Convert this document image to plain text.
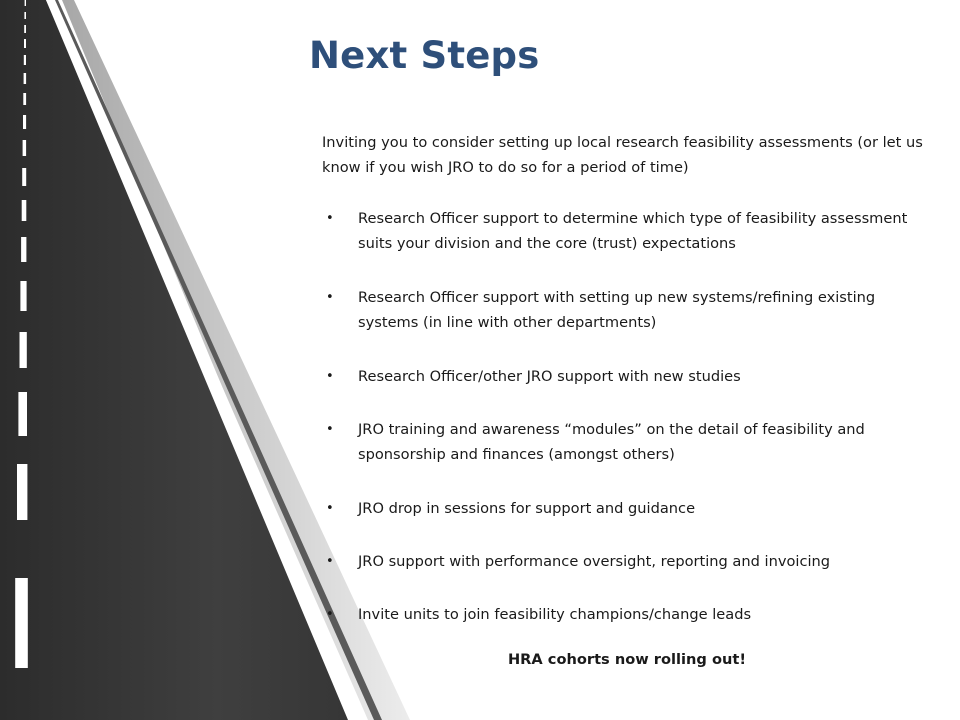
Next Steps

Inviting you to consider setting up local research feasibility assessments (or let us know if you wish JRO to do so for a period of time)

• Research Officer support to determine which type of feasibility assessment suits your division and the core (trust) expectations
• Research Officer support with setting up new systems/refining existing systems (in line with other departments)
• Research Officer/other JRO support with new studies
• JRO training and awareness “modules” on the detail of feasibility and sponsorship and finances (amongst others)
• JRO drop in sessions for support and guidance
• JRO support with performance oversight, reporting and invoicing
• Invite units to join feasibility champions/change leads

HRA cohorts now rolling out!
